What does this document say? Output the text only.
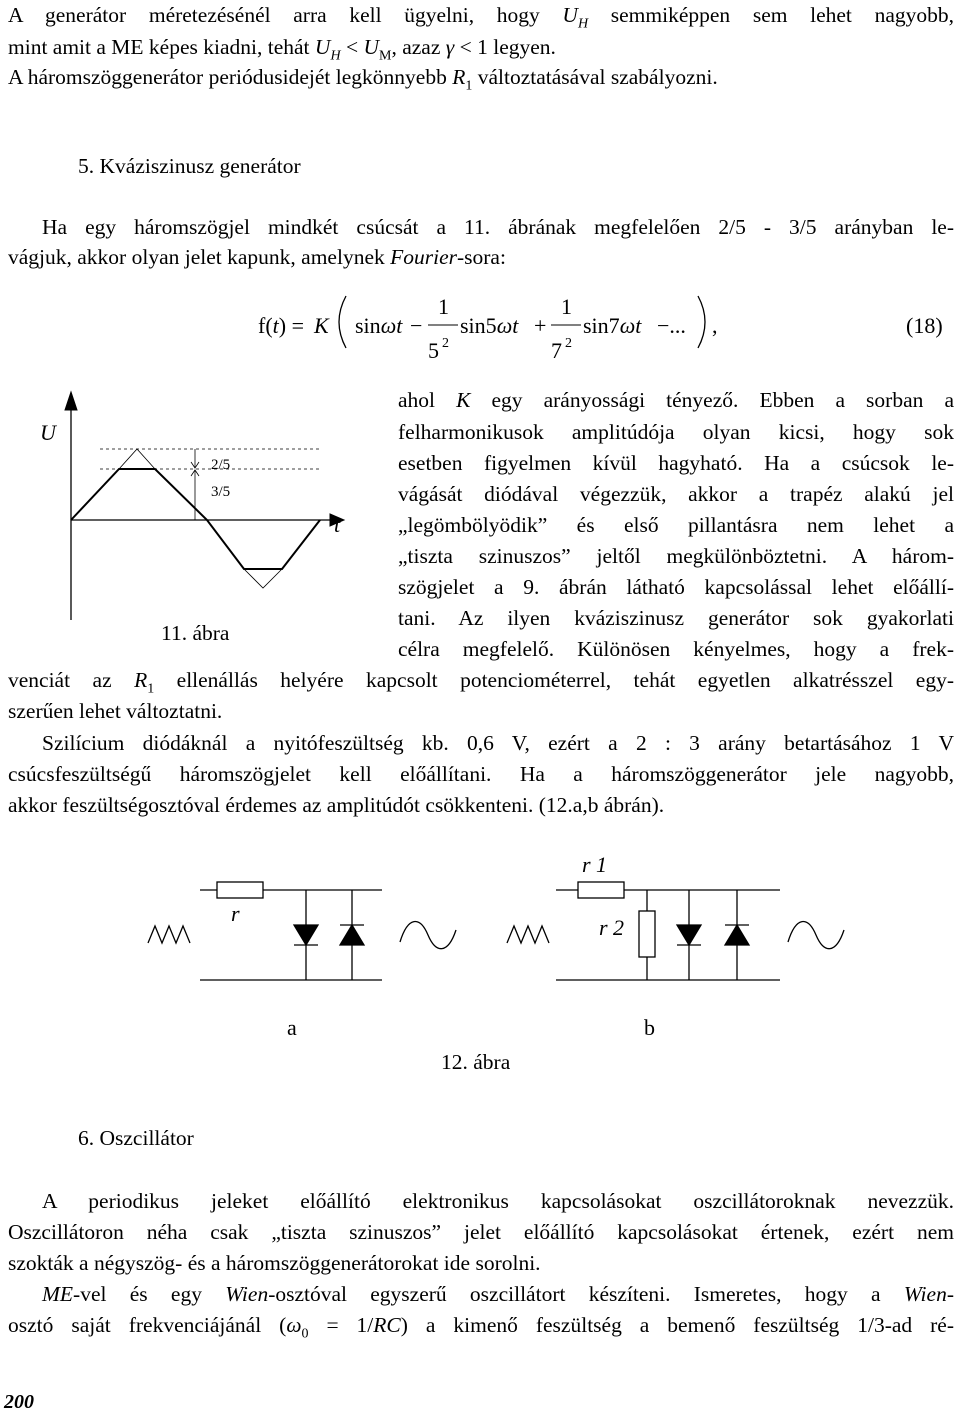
A generátor méretezésénél arra kell ügyelni, hogy $U_H$ semmiképpen sem lehet nagyobb,
mint amit a ME képes kiadni, tehát $U_H < U_M$, azaz γ < 1 legyen.
A háromszöggenerátor periódusidejét legkönnyebb $R_1$ változtatásával szabályozni.
5. Kváziszinusz generátor
Ha egy háromszögjel mindkét csúcsát a 11. ábrának megfelelően 2/5 - 3/5 arányban le-
vágjuk, akkor olyan jelet kapunk, amelynek Fourier-sora:
f(t) = K sinωt −
1
5 2
sin5ωt +
1
7 2
sin7ωt −... ,	(18)
U
t
2/5
3/5
r
r 1
r 2
a	b
ahol K egy arányossági tényező. Ebben a sorban a
felharmonikusok amplitúdója olyan kicsi, hogy sok
esetben figyelmen kívül hagyható. Ha a csúcsok le-
vágását diódával végezzük, akkor a trapéz alakú jel
„legömbölyödik” és első pillantásra nem lehet a
„tiszta szinuszos” jeltől megkülönböztetni. A három-
szögjelet a 9. ábrán látható kapcsolással lehet előállí-
tani. Az ilyen kváziszinusz generátor sok gyakorlati
11. ábra
célra megfelelő. Különösen kényelmes, hogy a frek-
venciát az $R_1$ ellenállás helyére kapcsolt potenciométerrel, tehát egyetlen alkatrésszel egy-
szerűen lehet változtatni.
Szilícium diódáknál a nyitófeszültség kb. 0,6 V, ezért a 2 : 3 arány betartásához 1 V
csúcsfeszültségű háromszögjelet kell előállítani. Ha a háromszöggenerátor jele nagyobb,
akkor feszültségosztóval érdemes az amplitúdót csökkenteni. (12.a,b ábrán).
12. ábra
6. Oszcillátor
A periodikus jeleket előállító elektronikus kapcsolásokat oszcillátoroknak nevezzük.
Oszcillátoron néha csak „tiszta szinuszos” jelet előállító kapcsolásokat értenek, ezért nem
szokták a négyszög- és a háromszöggenerátorokat ide sorolni.
ME-vel és egy Wien-osztóval egyszerű oszcillátort készíteni. Ismeretes, hogy a Wien-
osztó saját frekvenciájánál $(\omega_0 = 1/RC)$ a kimenő feszültség a bemenő feszültség 1/3-ad ré-
200
